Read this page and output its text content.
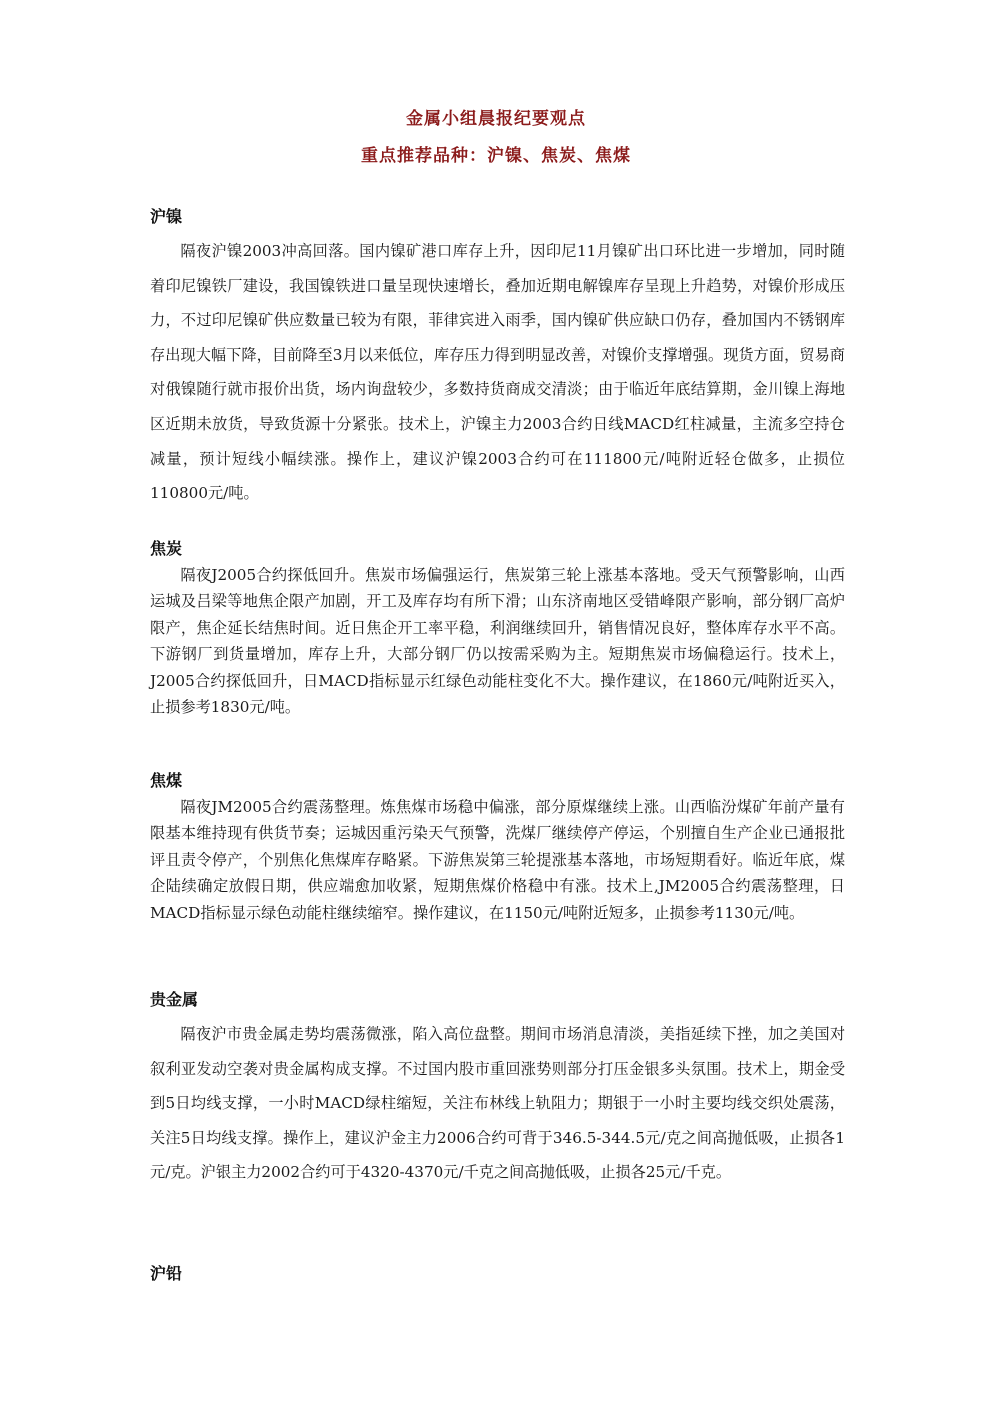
金属小组晨报纪要观点
重点推荐品种：沪镍、焦炭、焦煤
沪镍

隔夜沪镍2003冲高回落。国内镍矿港口库存上升，因印尼11月镍矿出口环比进一步增加，同时随着印尼镍铁厂建设，我国镍铁进口量呈现快速增长，叠加近期电解镍库存呈现上升趋势，对镍价形成压力，不过印尼镍矿供应数量已较为有限，菲律宾进入雨季，国内镍矿供应缺口仍存，叠加国内不锈钢库存出现大幅下降，目前降至3月以来低位，库存压力得到明显改善，对镍价支撑增强。现货方面，贸易商对俄镍随行就市报价出货，场内询盘较少，多数持货商成交清淡；由于临近年底结算期，金川镍上海地区近期未放货，导致货源十分紧张。技术上，沪镍主力2003合约日线MACD红柱减量，主流多空持仓减量，预计短线小幅续涨。操作上，建议沪镍2003合约可在111800元/吨附近轻仓做多，止损位110800元/吨。

焦炭

隔夜J2005合约探低回升。焦炭市场偏强运行，焦炭第三轮上涨基本落地。受天气预警影响，山西运城及吕梁等地焦企限产加剧，开工及库存均有所下滑；山东济南地区受错峰限产影响，部分钢厂高炉限产，焦企延长结焦时间。近日焦企开工率平稳，利润继续回升，销售情况良好，整体库存水平不高。下游钢厂到货量增加，库存上升，大部分钢厂仍以按需采购为主。短期焦炭市场偏稳运行。技术上，J2005合约探低回升，日MACD指标显示红绿色动能柱变化不大。操作建议，在1860元/吨附近买入，止损参考1830元/吨。

焦煤

隔夜JM2005合约震荡整理。炼焦煤市场稳中偏涨，部分原煤继续上涨。山西临汾煤矿年前产量有限基本维持现有供货节奏；运城因重污染天气预警，洗煤厂继续停产停运，个别擅自生产企业已通报批评且责令停产，个别焦化焦煤库存略紧。下游焦炭第三轮提涨基本落地，市场短期看好。临近年底，煤企陆续确定放假日期，供应端愈加收紧，短期焦煤价格稳中有涨。技术上,JM2005合约震荡整理，日MACD指标显示绿色动能柱继续缩窄。操作建议，在1150元/吨附近短多，止损参考1130元/吨。

贵金属

隔夜沪市贵金属走势均震荡微涨，陷入高位盘整。期间市场消息清淡，美指延续下挫，加之美国对叙利亚发动空袭对贵金属构成支撑。不过国内股市重回涨势则部分打压金银多头氛围。技术上，期金受到5日均线支撑，一小时MACD绿柱缩短，关注布林线上轨阻力；期银于一小时主要均线交织处震荡，关注5日均线支撑。操作上，建议沪金主力2006合约可背于346.5-344.5元/克之间高抛低吸，止损各1元/克。沪银主力2002合约可于4320-4370元/千克之间高抛低吸，止损各25元/千克。

沪铅
